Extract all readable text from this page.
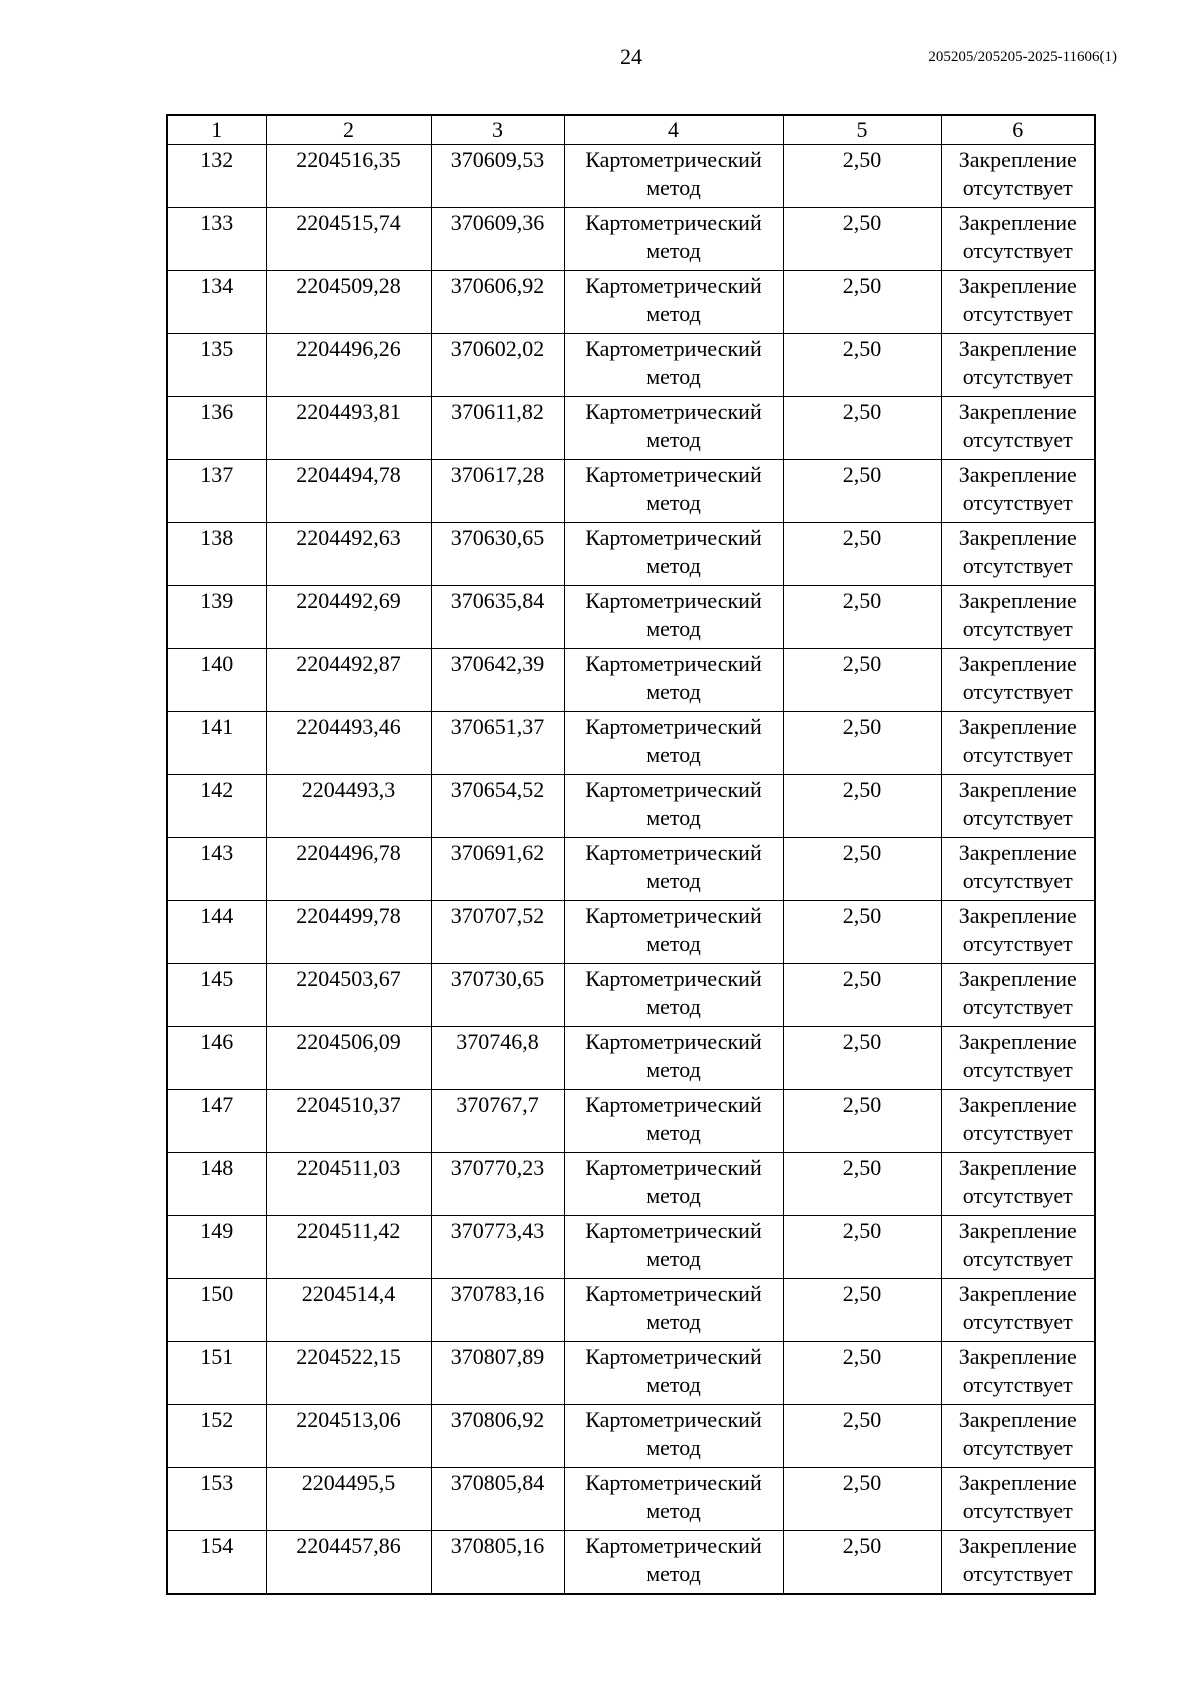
24	205205/205205-2025-11606(1)
1	2	3	4	5	6
132	2204516,35	370609,53	Картометрический метод	2,50	Закрепление отсутствует
133	2204515,74	370609,36	Картометрический метод	2,50	Закрепление отсутствует
134	2204509,28	370606,92	Картометрический метод	2,50	Закрепление отсутствует
135	2204496,26	370602,02	Картометрический метод	2,50	Закрепление отсутствует
136	2204493,81	370611,82	Картометрический метод	2,50	Закрепление отсутствует
137	2204494,78	370617,28	Картометрический метод	2,50	Закрепление отсутствует
138	2204492,63	370630,65	Картометрический метод	2,50	Закрепление отсутствует
139	2204492,69	370635,84	Картометрический метод	2,50	Закрепление отсутствует
140	2204492,87	370642,39	Картометрический метод	2,50	Закрепление отсутствует
141	2204493,46	370651,37	Картометрический метод	2,50	Закрепление отсутствует
142	2204493,3	370654,52	Картометрический метод	2,50	Закрепление отсутствует
143	2204496,78	370691,62	Картометрический метод	2,50	Закрепление отсутствует
144	2204499,78	370707,52	Картометрический метод	2,50	Закрепление отсутствует
145	2204503,67	370730,65	Картометрический метод	2,50	Закрепление отсутствует
146	2204506,09	370746,8	Картометрический метод	2,50	Закрепление отсутствует
147	2204510,37	370767,7	Картометрический метод	2,50	Закрепление отсутствует
148	2204511,03	370770,23	Картометрический метод	2,50	Закрепление отсутствует
149	2204511,42	370773,43	Картометрический метод	2,50	Закрепление отсутствует
150	2204514,4	370783,16	Картометрический метод	2,50	Закрепление отсутствует
151	2204522,15	370807,89	Картометрический метод	2,50	Закрепление отсутствует
152	2204513,06	370806,92	Картометрический метод	2,50	Закрепление отсутствует
153	2204495,5	370805,84	Картометрический метод	2,50	Закрепление отсутствует
154	2204457,86	370805,16	Картометрический метод	2,50	Закрепление отсутствует
